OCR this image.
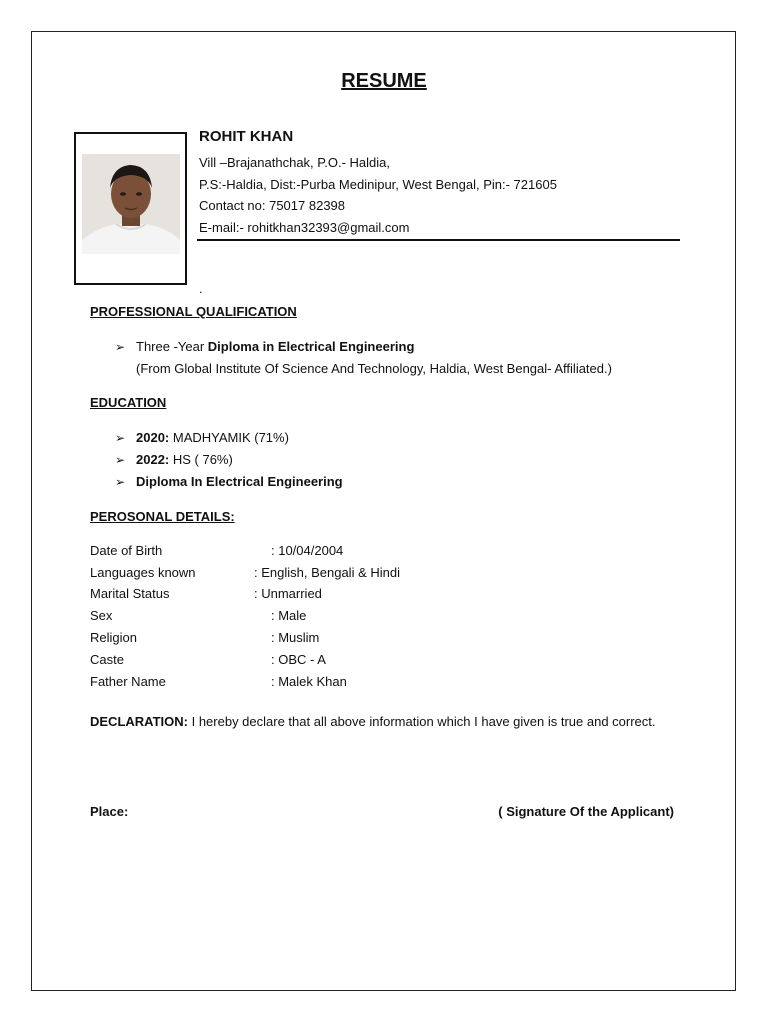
RESUME
ROHIT KHAN
Vill –Brajanathchak, P.O.- Haldia,
P.S:-Haldia, Dist:-Purba Medinipur, West Bengal, Pin:- 721605
Contact no: 75017 82398
E-mail:- rohitkhan32393@gmail.com
.
PROFESSIONAL QUALIFICATION
➢ Three -Year Diploma in Electrical Engineering
(From Global Institute Of Science And Technology, Haldia, West Bengal- Affiliated.)
EDUCATION
➢ 2020: MADHYAMIK (71%)
➢ 2022: HS ( 76%)
➢ Diploma In Electrical Engineering
PEROSONAL DETAILS:
Date of Birth	: 10/04/2004
Languages known	: English, Bengali & Hindi
Marital Status	: Unmarried
Sex	: Male
Religion	: Muslim
Caste	: OBC - A
Father Name	: Malek Khan
DECLARATION: I hereby declare that all above information which I have given is true and correct.
Place:	( Signature Of the Applicant)
